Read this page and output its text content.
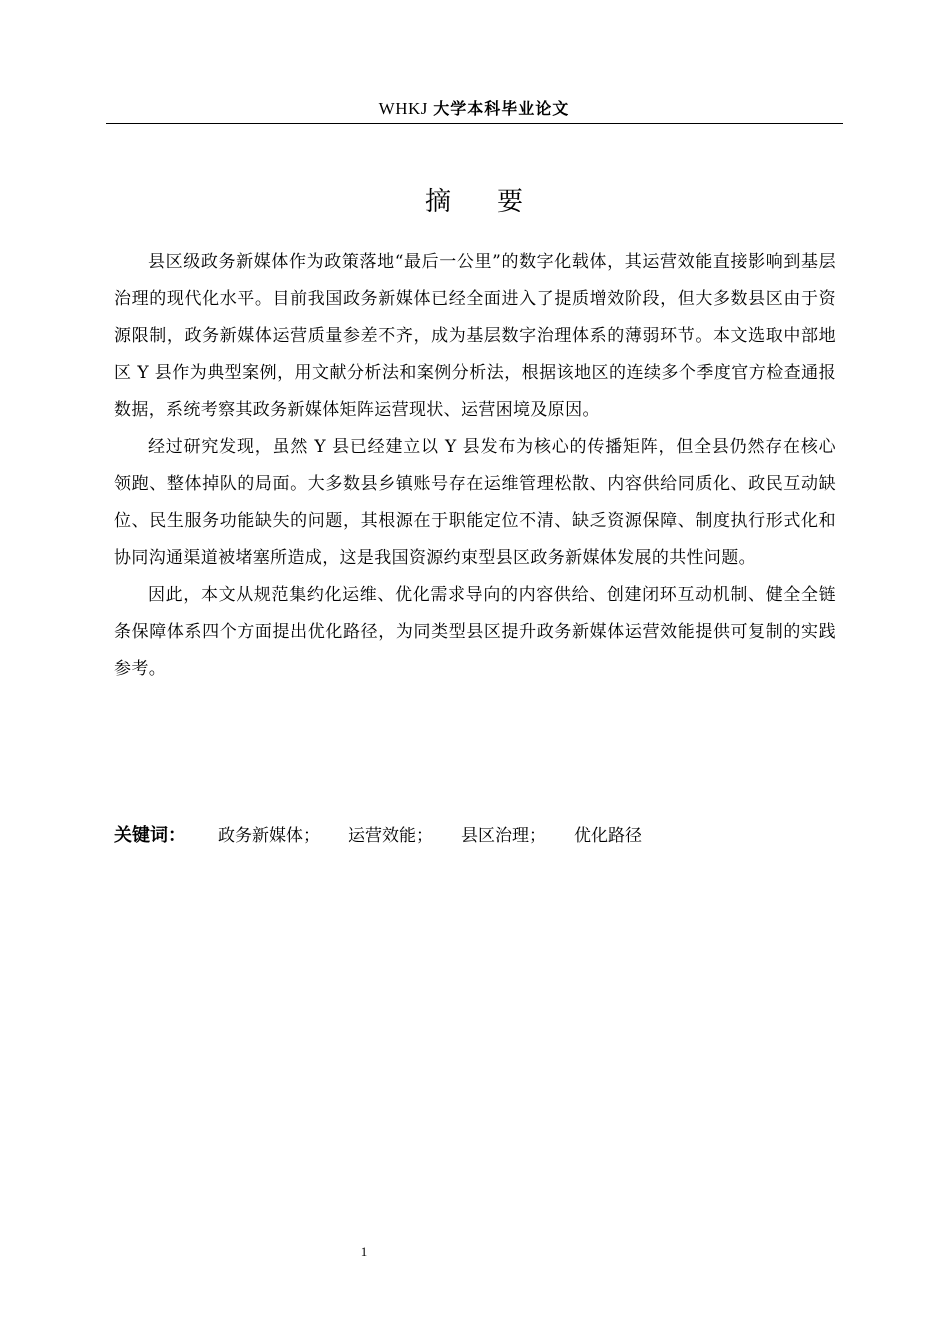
WHKJ 大学本科毕业论文
摘要

县区级政务新媒体作为政策落地“最后一公里”的数字化载体，其运营效能直接影响到基层治理的现代化水平。目前我国政务新媒体已经全面进入了提质增效阶段，但大多数县区由于资源限制，政务新媒体运营质量参差不齐，成为基层数字治理体系的薄弱环节。本文选取中部地区 Y 县作为典型案例，用文献分析法和案例分析法，根据该地区的连续多个季度官方检查通报数据，系统考察其政务新媒体矩阵运营现状、运营困境及原因。

经过研究发现，虽然 Y 县已经建立以 Y 县发布为核心的传播矩阵，但全县仍然存在核心领跑、整体掉队的局面。大多数县乡镇账号存在运维管理松散、内容供给同质化、政民互动缺位、民生服务功能缺失的问题，其根源在于职能定位不清、缺乏资源保障、制度执行形式化和协同沟通渠道被堵塞所造成，这是我国资源约束型县区政务新媒体发展的共性问题。

因此，本文从规范集约化运维、优化需求导向的内容供给、创建闭环互动机制、健全全链条保障体系四个方面提出优化路径，为同类型县区提升政务新媒体运营效能提供可复制的实践参考。

关键词： 政务新媒体； 运营效能； 县区治理； 优化路径
1
